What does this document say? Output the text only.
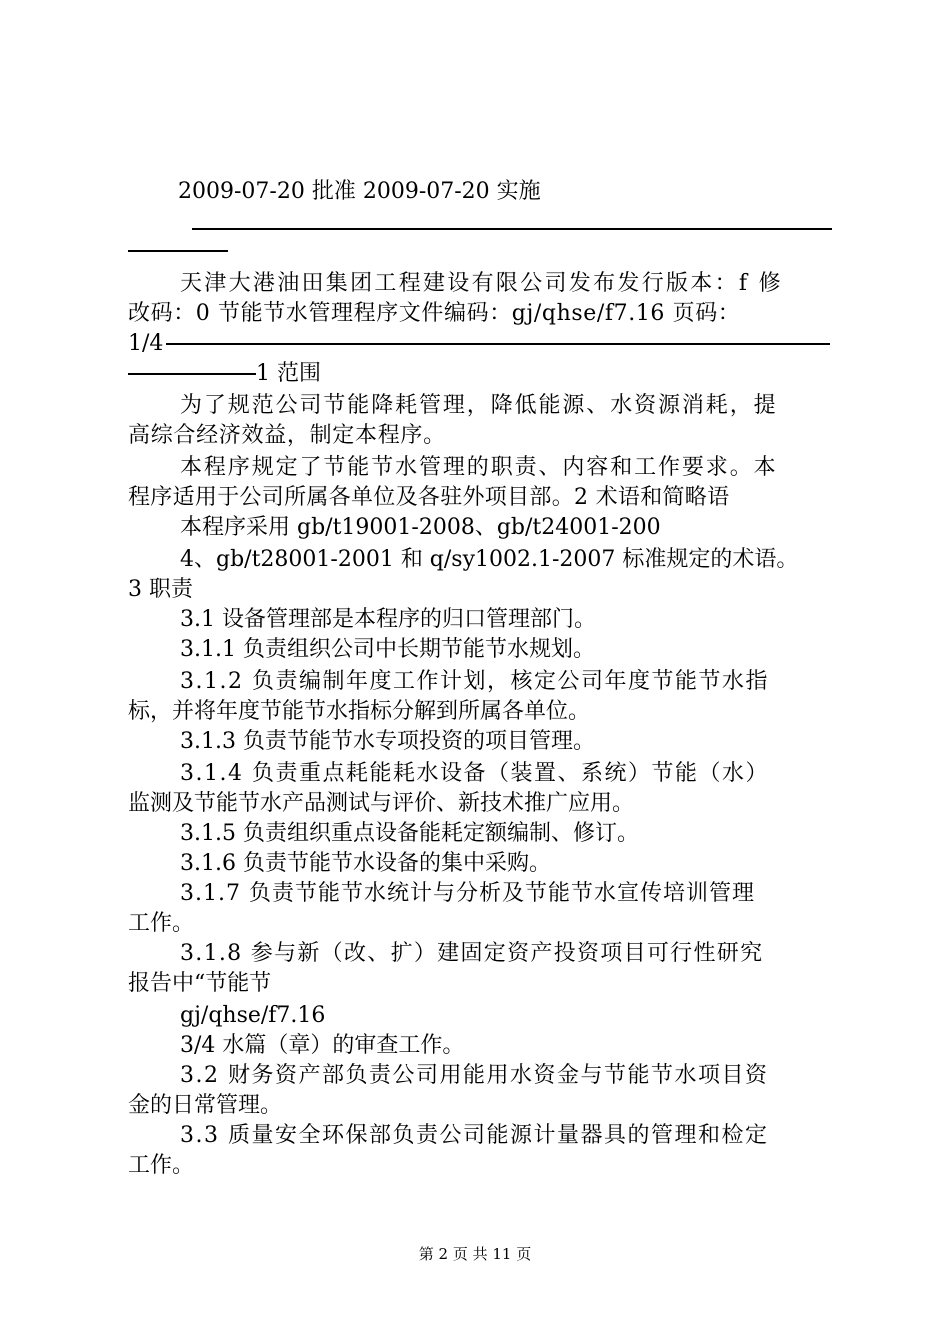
2009-07-20 批准 2009-07-20 实施
天津大港油田集团工程建设有限公司发布发行版本：f 修
改码：0 节能节水管理程序文件编码：gj/qhse/f7.16 页码：
1/4
1 范围
为了规范公司节能降耗管理，降低能源、水资源消耗，提
高综合经济效益，制定本程序。
本程序规定了节能节水管理的职责、内容和工作要求。本
程序适用于公司所属各单位及各驻外项目部。2 术语和简略语
本程序采用 gb/t19001-2008、gb/t24001-200
4、gb/t28001-2001 和 q/sy1002.1-2007 标准规定的术语。
3 职责
3.1 设备管理部是本程序的归口管理部门。
3.1.1 负责组织公司中长期节能节水规划。
3.1.2 负责编制年度工作计划，核定公司年度节能节水指
标，并将年度节能节水指标分解到所属各单位。
3.1.3 负责节能节水专项投资的项目管理。
3.1.4 负责重点耗能耗水设备（装置、系统）节能（水）
监测及节能节水产品测试与评价、新技术推广应用。
3.1.5 负责组织重点设备能耗定额编制、修订。
3.1.6 负责节能节水设备的集中采购。
3.1.7 负责节能节水统计与分析及节能节水宣传培训管理
工作。
3.1.8 参与新（改、扩）建固定资产投资项目可行性研究
报告中“节能节
gj/qhse/f7.16
3/4 水篇（章）的审查工作。
3.2 财务资产部负责公司用能用水资金与节能节水项目资
金的日常管理。
3.3 质量安全环保部负责公司能源计量器具的管理和检定
工作。
第 2 页 共 11 页
